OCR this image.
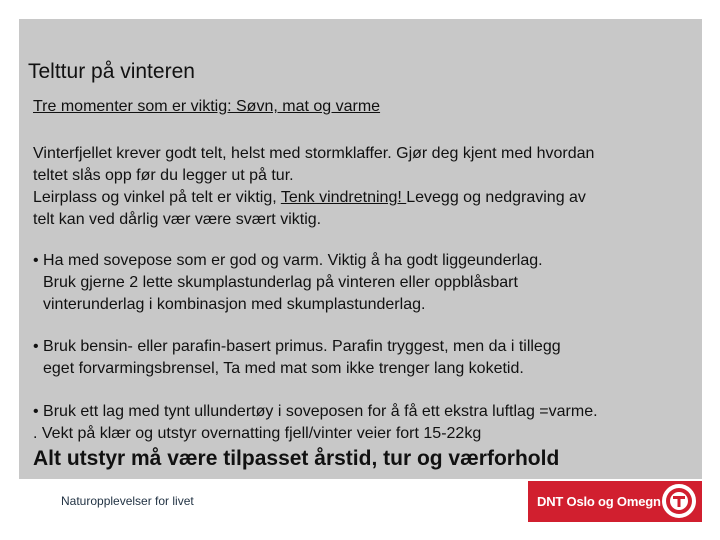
Telttur på vinteren
Tre momenter som er viktig: Søvn, mat og varme
Vinterfjellet krever godt telt, helst med stormklaffer. Gjør deg kjent med hvordan
teltet slås opp før du legger ut på tur.
Leirplass og vinkel på telt er viktig, Tenk vindretning! Levegg og nedgraving av
telt kan ved dårlig vær være svært viktig.
• Ha med sovepose som er god og varm. Viktig å ha godt liggeunderlag.
Bruk gjerne 2 lette skumplastunderlag på vinteren eller oppblåsbart
vinterunderlag i kombinasjon med skumplastunderlag.
• Bruk bensin- eller parafin-basert primus. Parafin tryggest, men da i tillegg
eget forvarmingsbrensel, Ta med mat som ikke trenger lang koketid.
• Bruk ett lag med tynt ullundertøy i soveposen for å få ett ekstra luftlag =varme.
. Vekt på klær og utstyr overnatting fjell/vinter veier fort 15-22kg
Alt utstyr må være tilpasset årstid, tur og værforhold
Naturopplevelser for livet	DNT Oslo og Omegn
